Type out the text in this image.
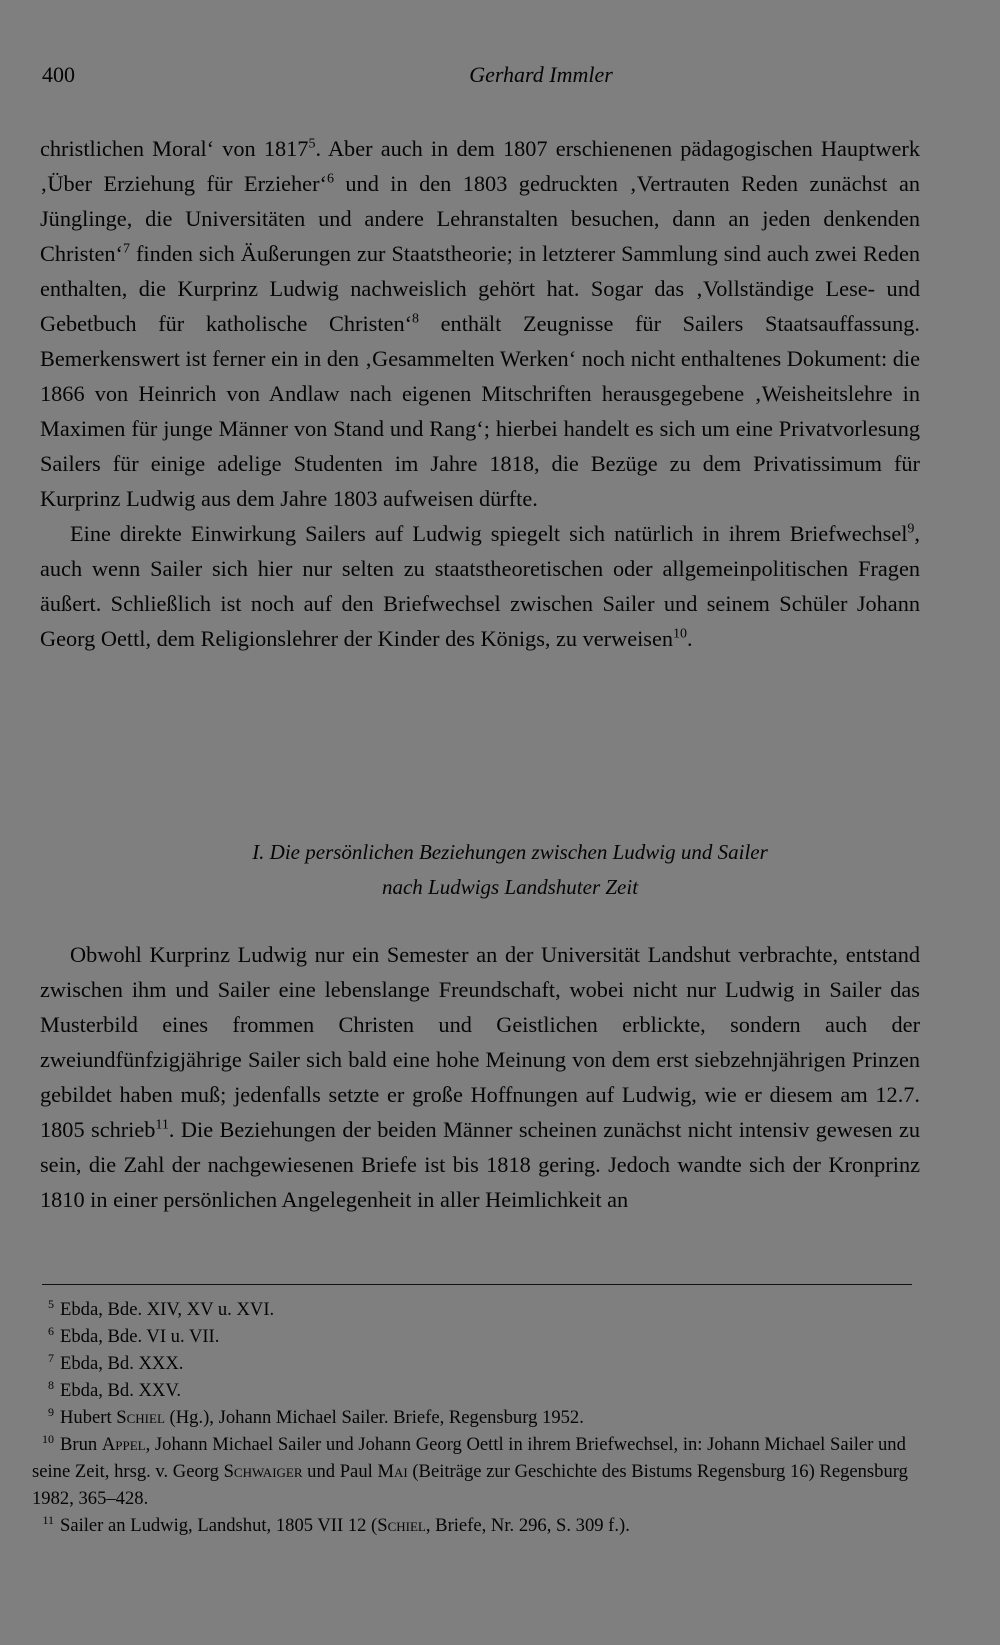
400	Gerhard Immler

christlichen Moral‘ von 1817$^5$. Aber auch in dem 1807 erschienenen pädagogischen Hauptwerk ‚Über Erziehung für Erzieher‘$^6$ und in den 1803 gedruckten ‚Vertrauten Reden zunächst an Jünglinge, die Universitäten und andere Lehranstalten besuchen, dann an jeden denkenden Christen‘$^7$ finden sich Äußerungen zur Staatstheorie; in letzterer Sammlung sind auch zwei Reden enthalten, die Kurprinz Ludwig nachweislich gehört hat. Sogar das ‚Vollständige Lese- und Gebetbuch für katholische Christen‘$^8$ enthält Zeugnisse für Sailers Staatsauffassung. Bemerkenswert ist ferner ein in den ‚Gesammelten Werken‘ noch nicht enthaltenes Dokument: die 1866 von Heinrich von Andlaw nach eigenen Mitschriften herausgegebene ‚Weisheitslehre in Maximen für junge Männer von Stand und Rang‘; hierbei handelt es sich um eine Privatvorlesung Sailers für einige adelige Studenten im Jahre 1818, die Bezüge zu dem Privatissimum für Kurprinz Ludwig aus dem Jahre 1803 aufweisen dürfte.

Eine direkte Einwirkung Sailers auf Ludwig spiegelt sich natürlich in ihrem Briefwechsel$^9$, auch wenn Sailer sich hier nur selten zu staatstheoretischen oder allgemeinpolitischen Fragen äußert. Schließlich ist noch auf den Briefwechsel zwischen Sailer und seinem Schüler Johann Georg Oettl, dem Religionslehrer der Kinder des Königs, zu verweisen$^{10}$.

I. Die persönlichen Beziehungen zwischen Ludwig und Sailer
nach Ludwigs Landshuter Zeit

Obwohl Kurprinz Ludwig nur ein Semester an der Universität Landshut verbrachte, entstand zwischen ihm und Sailer eine lebenslange Freundschaft, wobei nicht nur Ludwig in Sailer das Musterbild eines frommen Christen und Geistlichen erblickte, sondern auch der zweiundfünfzigjährige Sailer sich bald eine hohe Meinung von dem erst siebzehnjährigen Prinzen gebildet haben muß; jedenfalls setzte er große Hoffnungen auf Ludwig, wie er diesem am 12.7. 1805 schrieb$^{11}$. Die Beziehungen der beiden Männer scheinen zunächst nicht intensiv gewesen zu sein, die Zahl der nachgewiesenen Briefe ist bis 1818 gering. Jedoch wandte sich der Kronprinz 1810 in einer persönlichen Angelegenheit in aller Heimlichkeit an

5 Ebda, Bde. XIV, XV u. XVI.

6 Ebda, Bde. VI u. VII.

7 Ebda, Bd. XXX.

8 Ebda, Bd. XXV.

9 Hubert Schiel (Hg.), Johann Michael Sailer. Briefe, Regensburg 1952.

10 Brun Appel, Johann Michael Sailer und Johann Georg Oettl in ihrem Briefwechsel, in: Johann Michael Sailer und seine Zeit, hrsg. v. Georg Schwaiger und Paul Mai (Beiträge zur Geschichte des Bistums Regensburg 16) Regensburg 1982, 365–428.

11 Sailer an Ludwig, Landshut, 1805 VII 12 (Schiel, Briefe, Nr. 296, S. 309 f.).
